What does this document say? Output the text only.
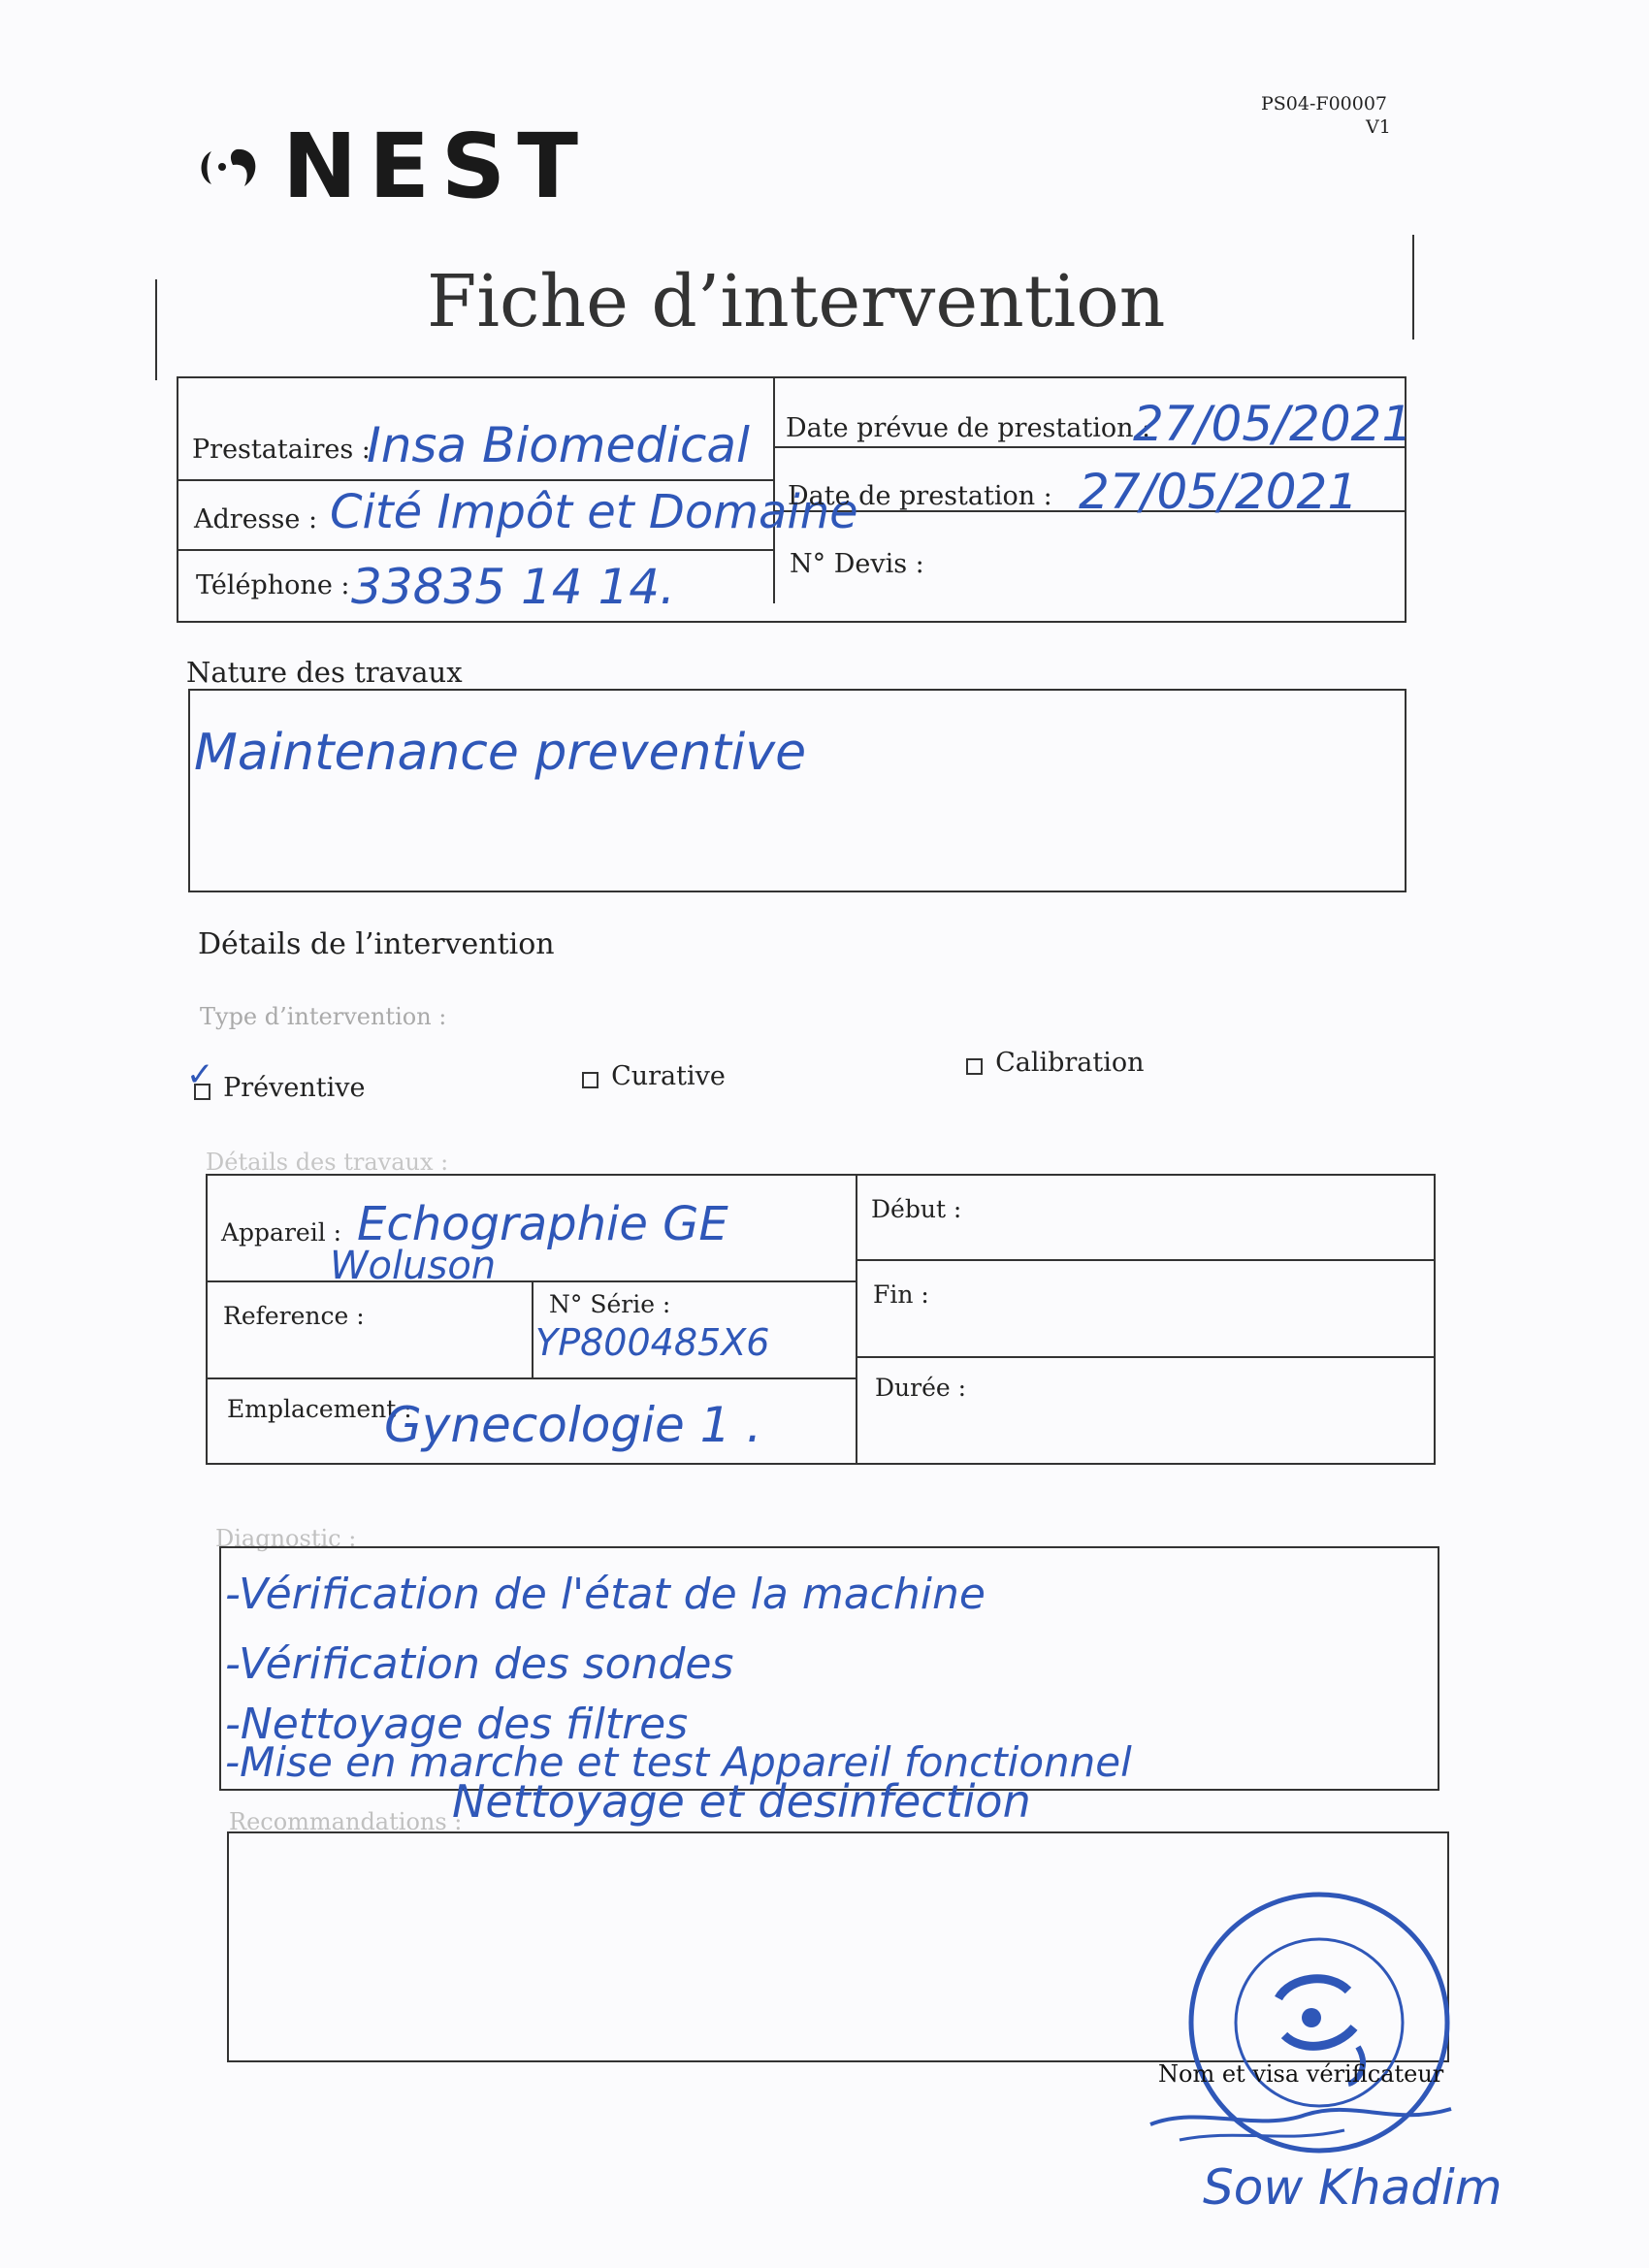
NEST
PS04-F00007
V1
Fiche d’intervention
Prestataires :
Insa Biomedical
Adresse : Cité Impôt et Domaine
Téléphone : 33835 14 14.
Date prévue de prestation :
27/05/2021
Date de prestation : 27/05/2021
N° Devis :
Nature des travaux
Maintenance preventive
Détails de l’intervention
Type d’intervention :
Préventive
✓	Curative	Calibration
Détails des travaux :
Appareil : Echographie GE
Woluson
Reference :	N° Série :
YP800485X6
Emplacement :
Gynecologie 1 .
Début :
Fin :
Durée :
Diagnostic :
-Vérification de l'état de la machine
-Vérification des sondes
-Nettoyage des filtres
-Mise en marche et test Appareil fonctionnel
Recommandations :
Nettoyage et desinfection
Nom et visa vérificateur
Sow Khadim
